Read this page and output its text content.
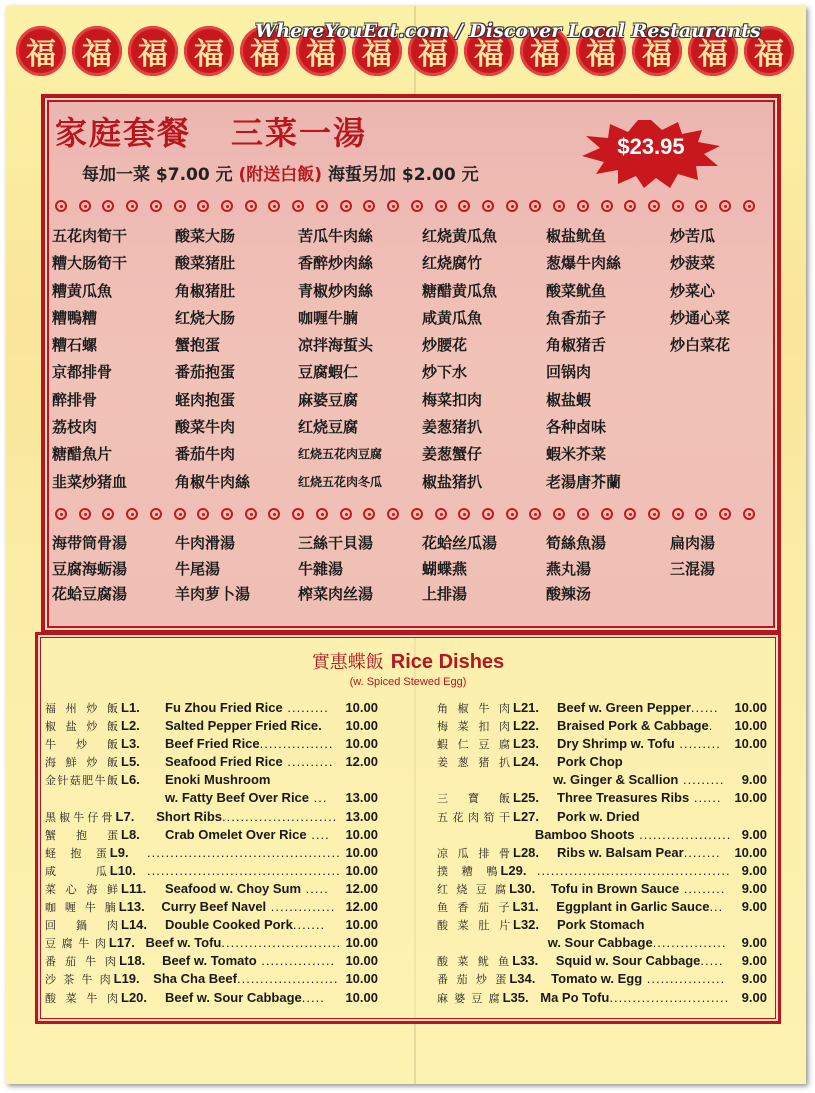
福 福 福 福 福 福 福 福 福 福 福 福 福 福
WhereYouEat.com / Discover Local Restaurants
家庭套餐 三菜一湯
每加一菜 $7.00 元 (附送白飯) 海蜇另加 $2.00 元
$23.95
五花肉筍干	酸菜大肠	苦瓜牛肉絲	红烧黄瓜魚	椒盐鱿鱼	炒苦瓜
糟大肠筍干	酸菜猪肚	香醉炒肉絲	红烧腐竹	葱爆牛肉絲	炒菠菜
糟黄瓜魚	角椒猪肚	青椒炒肉絲	糖醋黄瓜魚	酸菜鱿鱼	炒菜心
糟鴨糟	红烧大肠	咖喱牛腩	咸黄瓜魚	魚香茄子	炒通心菜
糟石螺	蟹抱蛋	凉拌海蜇头	炒腰花	角椒猪舌	炒白菜花
京都排骨	番茄抱蛋	豆腐蝦仁	炒下水	回锅肉
醉排骨	蛏肉抱蛋	麻婆豆腐	梅菜扣肉	椒盐蝦
荔枝肉	酸菜牛肉	红烧豆腐	姜葱猪扒	各种卤味
糖醋魚片	番茄牛肉	红烧五花肉豆腐	姜葱蟹仔	蝦米芥菜
韭菜炒猪血	角椒牛肉絲	红烧五花肉冬瓜	椒盐猪扒	老湯唐芥蘭
海带筒骨湯	牛肉滑湯	三絲干貝湯	花蛤丝瓜湯	筍絲魚湯	扁肉湯
豆腐海蛎湯	牛尾湯	牛雜湯	蝴蝶燕	燕丸湯	三混湯
花蛤豆腐湯	羊肉萝卜湯	榨菜肉丝湯	上排湯	酸辣汤
實惠蝶飯 Rice Dishes
(w. Spiced Stewed Egg)
福 州 炒 飯 L1.	Fu Zhou Fried Rice .........	10.00
椒 盐 炒 飯 L2.	Salted Pepper Fried Rice.	10.00
牛 炒 飯 L3.	Beef Fried Rice................ 10.00
海 鮮 炒 飯 L5.	Seafood Fried Rice .......... 12.00
金 针 菇 肥 牛 飯 L6.	Enoki Mushroom
w. Fatty Beef Over Rice ...	13.00
黑 椒 牛 仔 骨 L7.	Short Ribs......................... 13.00
蟹 抱 蛋 L8.	Crab Omelet Over Rice ....	10.00
蛏 抱 蛋 L9.	.......................................... 10.00
咸	瓜 L10. .......................................... 10.00
菜 心 海 鲜 L11.	Seafood w. Choy Sum .....	12.00
咖 喱 牛 腩 L13.	Curry Beef Navel .............. 12.00
回 鍋 肉 L14.	Double Cooked Pork.......	10.00
豆 腐 牛 肉 L17. Beef w. Tofu.......................... 10.00
番 茄 牛 肉 L18.	Beef w. Tomato ................ 10.00
沙 茶 牛 肉 L19.	Sha Cha Beef...................... 10.00
酸 菜 牛 肉 L20.	Beef w. Sour Cabbage.....	10.00
角 椒 牛 肉 L21.	Beef w. Green Pepper......	10.00
梅 菜 扣 肉 L22.	Braised Pork & Cabbage.	10.00
蝦 仁 豆 腐 L23.	Dry Shrimp w. Tofu .........	10.00
姜 葱 猪 扒 L24.	Pork Chop
w. Ginger & Scallion .........	9.00
三 寶 飯 L25.	Three Treasures Ribs ...... 10.00
五 花 肉 筍 干 L27.	Pork w. Dried
Bamboo Shoots .................... 9.00
凉 瓜 排 骨 L28.	Ribs w. Balsam Pear........	10.00
撲 糟 鴨 L29. .......................................... 9.00
红 烧 豆 腐 L30.	Tofu in Brown Sauce .........	9.00
鱼 香 茄 子 L31.	Eggplant in Garlic Sauce...	9.00
酸 菜 肚 片 L32.	Pork Stomach
w. Sour Cabbage................	9.00
酸 菜 鱿 鱼 L33.	Squid w. Sour Cabbage.....	9.00
番 茄 炒 蛋 L34.	Tomato w. Egg .................	9.00
麻 婆 豆 腐 L35. Ma Po Tofu.......................... 9.00
